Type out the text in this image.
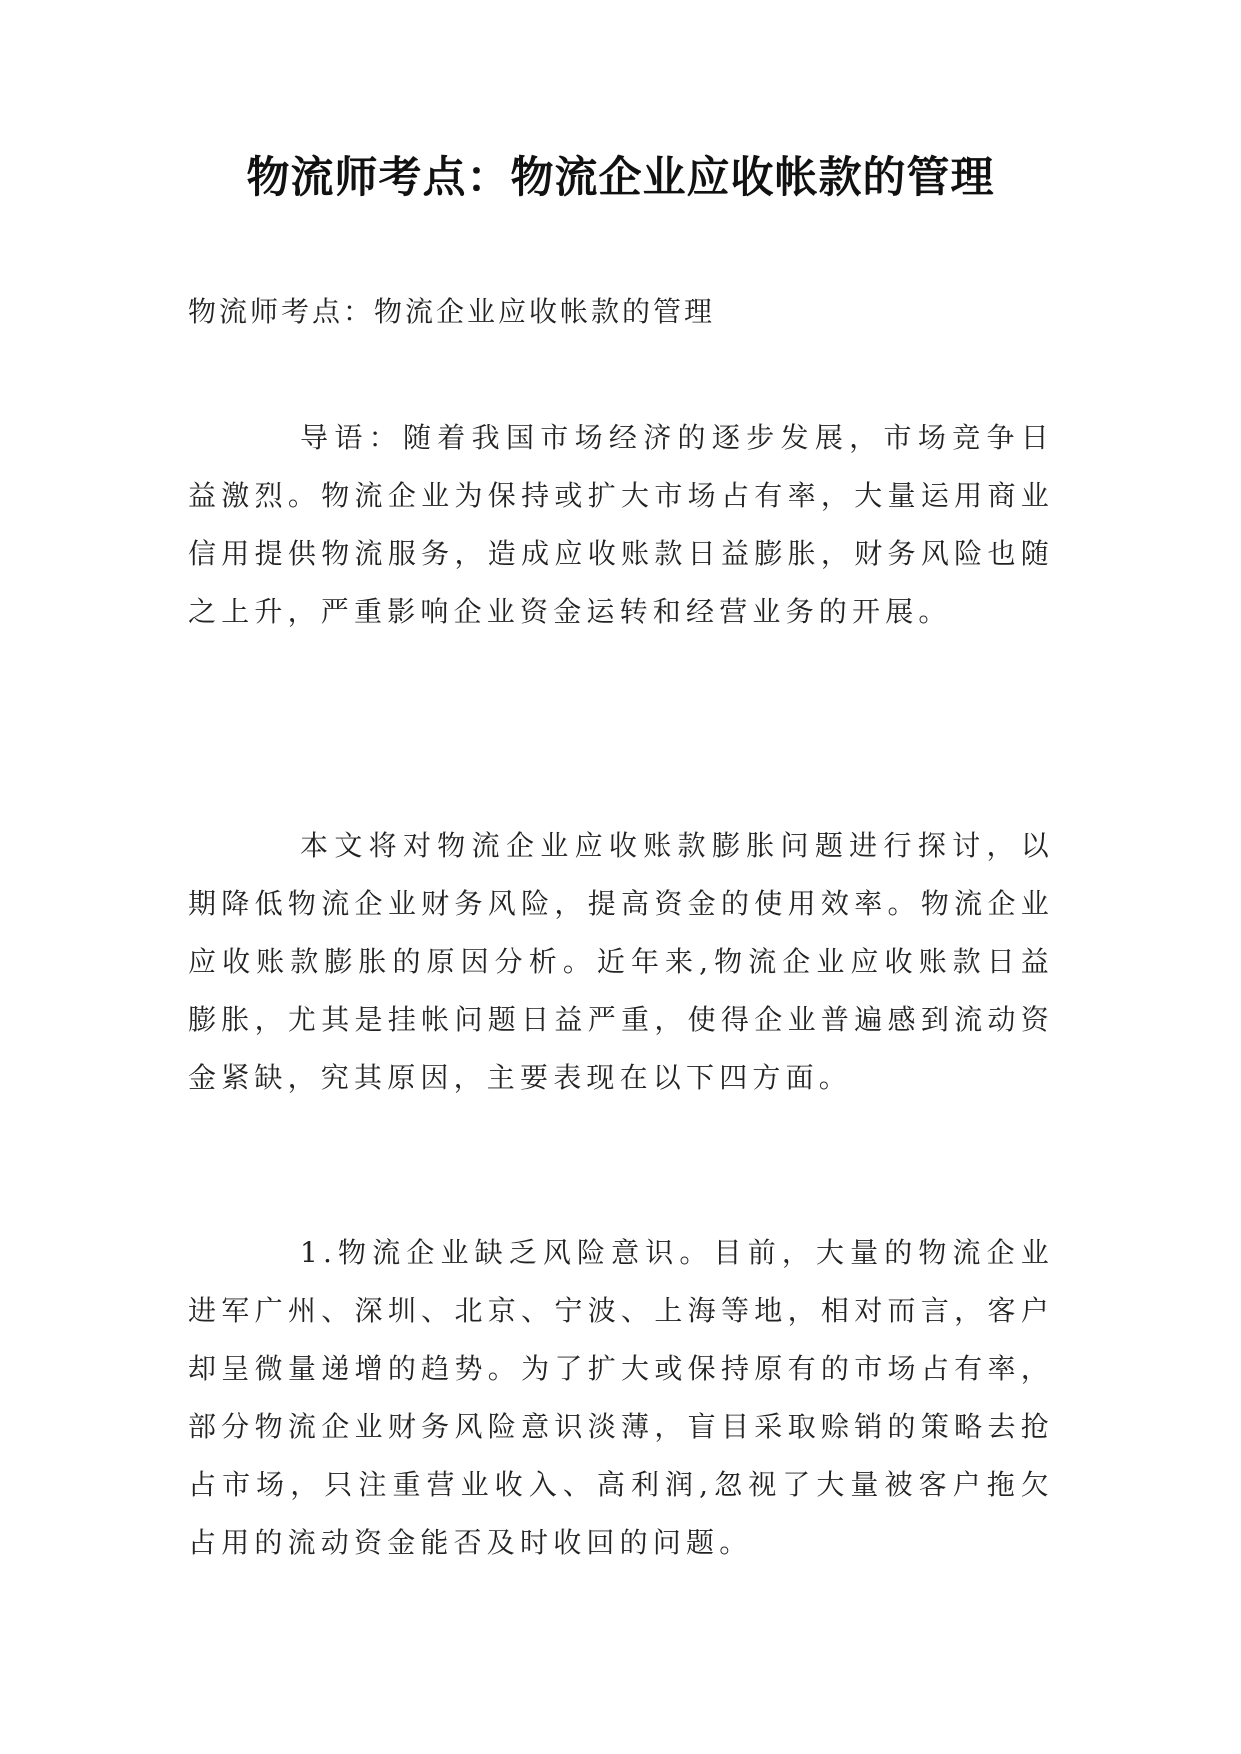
物流师考点：物流企业应收帐款的管理

物流师考点：物流企业应收帐款的管理

导语：随着我国市场经济的逐步发展，市场竞争日益激烈。物流企业为保持或扩大市场占有率，大量运用商业信用提供物流服务，造成应收账款日益膨胀，财务风险也随之上升，严重影响企业资金运转和经营业务的开展。

本文将对物流企业应收账款膨胀问题进行探讨，以期降低物流企业财务风险，提高资金的使用效率。物流企业应收账款膨胀的原因分析。近年来,物流企业应收账款日益膨胀，尤其是挂帐问题日益严重，使得企业普遍感到流动资金紧缺，究其原因，主要表现在以下四方面。

1.物流企业缺乏风险意识。目前，大量的物流企业进军广州、深圳、北京、宁波、上海等地，相对而言，客户却呈微量递增的趋势。为了扩大或保持原有的市场占有率，部分物流企业财务风险意识淡薄，盲目采取赊销的策略去抢占市场，只注重营业收入、高利润,忽视了大量被客户拖欠占用的流动资金能否及时收回的问题。
